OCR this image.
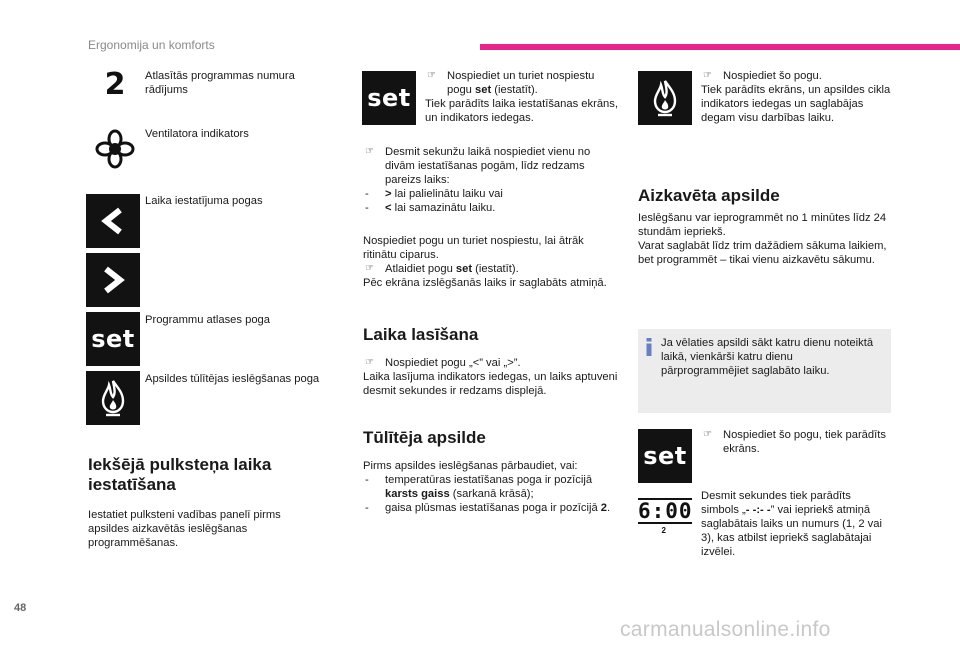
Ergonomija un komforts
2 Atlasītās programmas numura rādījums
Ventilatora indikators
Laika iestatījuma pogas
set
Programmu atlases poga
Apsildes tūlītējas ieslēgšanas poga
Iekšējā pulksteņa laika
iestatīšana
Iestatiet pulksteni vadības panelī pirms apsildes aizkavētās ieslēgšanas programmēšanas.
set
☞ Nospiediet un turiet nospiestu pogu set (iestatīt).
Tiek parādīts laika iestatīšanas ekrāns, un indikators iedegas.
☞ Desmit sekunžu laikā nospiediet vienu no divām iestatīšanas pogām, līdz redzams pareizs laiks:
- > lai palielinātu laiku vai
- < lai samazinātu laiku.
Nospiediet pogu un turiet nospiestu, lai ātrāk ritinātu ciparus.
☞ Atlaidiet pogu set (iestatīt).
Pēc ekrāna izslēgšanās laiks ir saglabāts atmiņā.
Laika lasīšana
☞ Nospiediet pogu „<” vai „>”.
Laika lasījuma indikators iedegas, un laiks aptuveni desmit sekundes ir redzams displejā.
Tūlītēja apsilde
Pirms apsildes ieslēgšanas pārbaudiet, vai:
- temperatūras iestatīšanas poga ir pozīcijā karsts gaiss (sarkanā krāsā);
- gaisa plūsmas iestatīšanas poga ir pozīcijā 2.
☞ Nospiediet šo pogu.
Tiek parādīts ekrāns, un apsildes cikla indikators iedegas un saglabājas degam visu darbības laiku.
Aizkavēta apsilde
Ieslēgšanu var ieprogrammēt no 1 minūtes līdz 24 stundām iepriekš.
Varat saglabāt līdz trim dažādiem sākuma laikiem, bet programmēt – tikai vienu aizkavētu sākumu.
Ja vēlaties apsildi sākt katru dienu noteiktā laikā, vienkārši katru dienu pārprogrammējiet saglabāto laiku.
set
☞ Nospiediet šo pogu, tiek parādīts ekrāns.
6:00
2
Desmit sekundes tiek parādīts simbols „- -:- -” vai iepriekš atmiņā saglabātais laiks un numurs (1, 2 vai 3), kas atbilst iepriekš saglabātajai izvēlei.
48
carmanualsonline.info
